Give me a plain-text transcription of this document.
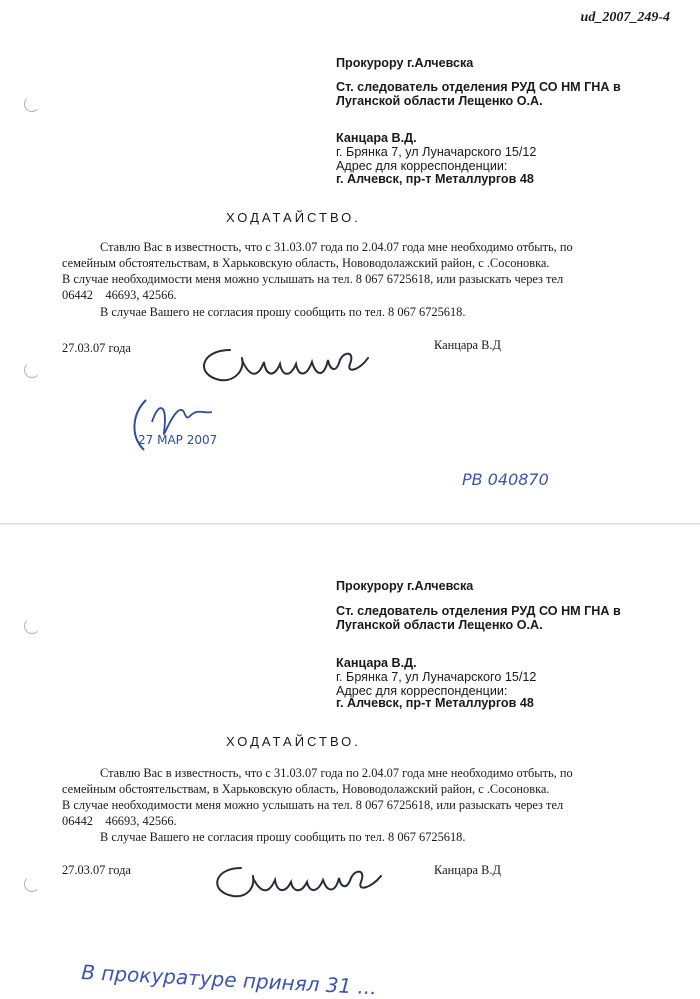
ud_2007_249-4
Прокурору г.Алчевска
Ст. следователь отделения РУД СО НМ ГНА в
Луганской области Лещенко О.А.
Канцара В.Д.
г. Брянка 7, ул Луначарского 15/12
Адрес для корреспонденции:
г. Алчевск, пр-т Металлургов 48
ХОДАТАЙСТВО.
Ставлю Вас в известность, что с 31.03.07 года по 2.04.07 года мне необходимо отбыть, по
семейным обстоятельствам, в Харьковскую область, Нововодолажский район, с .Сосоновка.
В случае необходимости меня можно услышать на тел. 8 067 6725618, или разыскать через тел
06442    46693, 42566.
В случае Вашего не согласия прошу сообщить по тел. 8 067 6725618.
27.03.07 года	Канцара В.Д
27 МАР 2007
РВ 040870
Прокурору г.Алчевска
Ст. следователь отделения РУД СО НМ ГНА в
Луганской области Лещенко О.А.
Канцара В.Д.
г. Брянка 7, ул Луначарского 15/12
Адрес для корреспонденции:
г. Алчевск, пр-т Металлургов 48
ХОДАТАЙСТВО.
Ставлю Вас в известность, что с 31.03.07 года по 2.04.07 года мне необходимо отбыть, по
семейным обстоятельствам, в Харьковскую область, Нововодолажский район, с .Сосоновка.
В случае необходимости меня можно услышать на тел. 8 067 6725618, или разыскать через тел
06442    46693, 42566.
В случае Вашего не согласия прошу сообщить по тел. 8 067 6725618.
27.03.07 года	Канцара В.Д
В прокуратуре принял 31 ...
